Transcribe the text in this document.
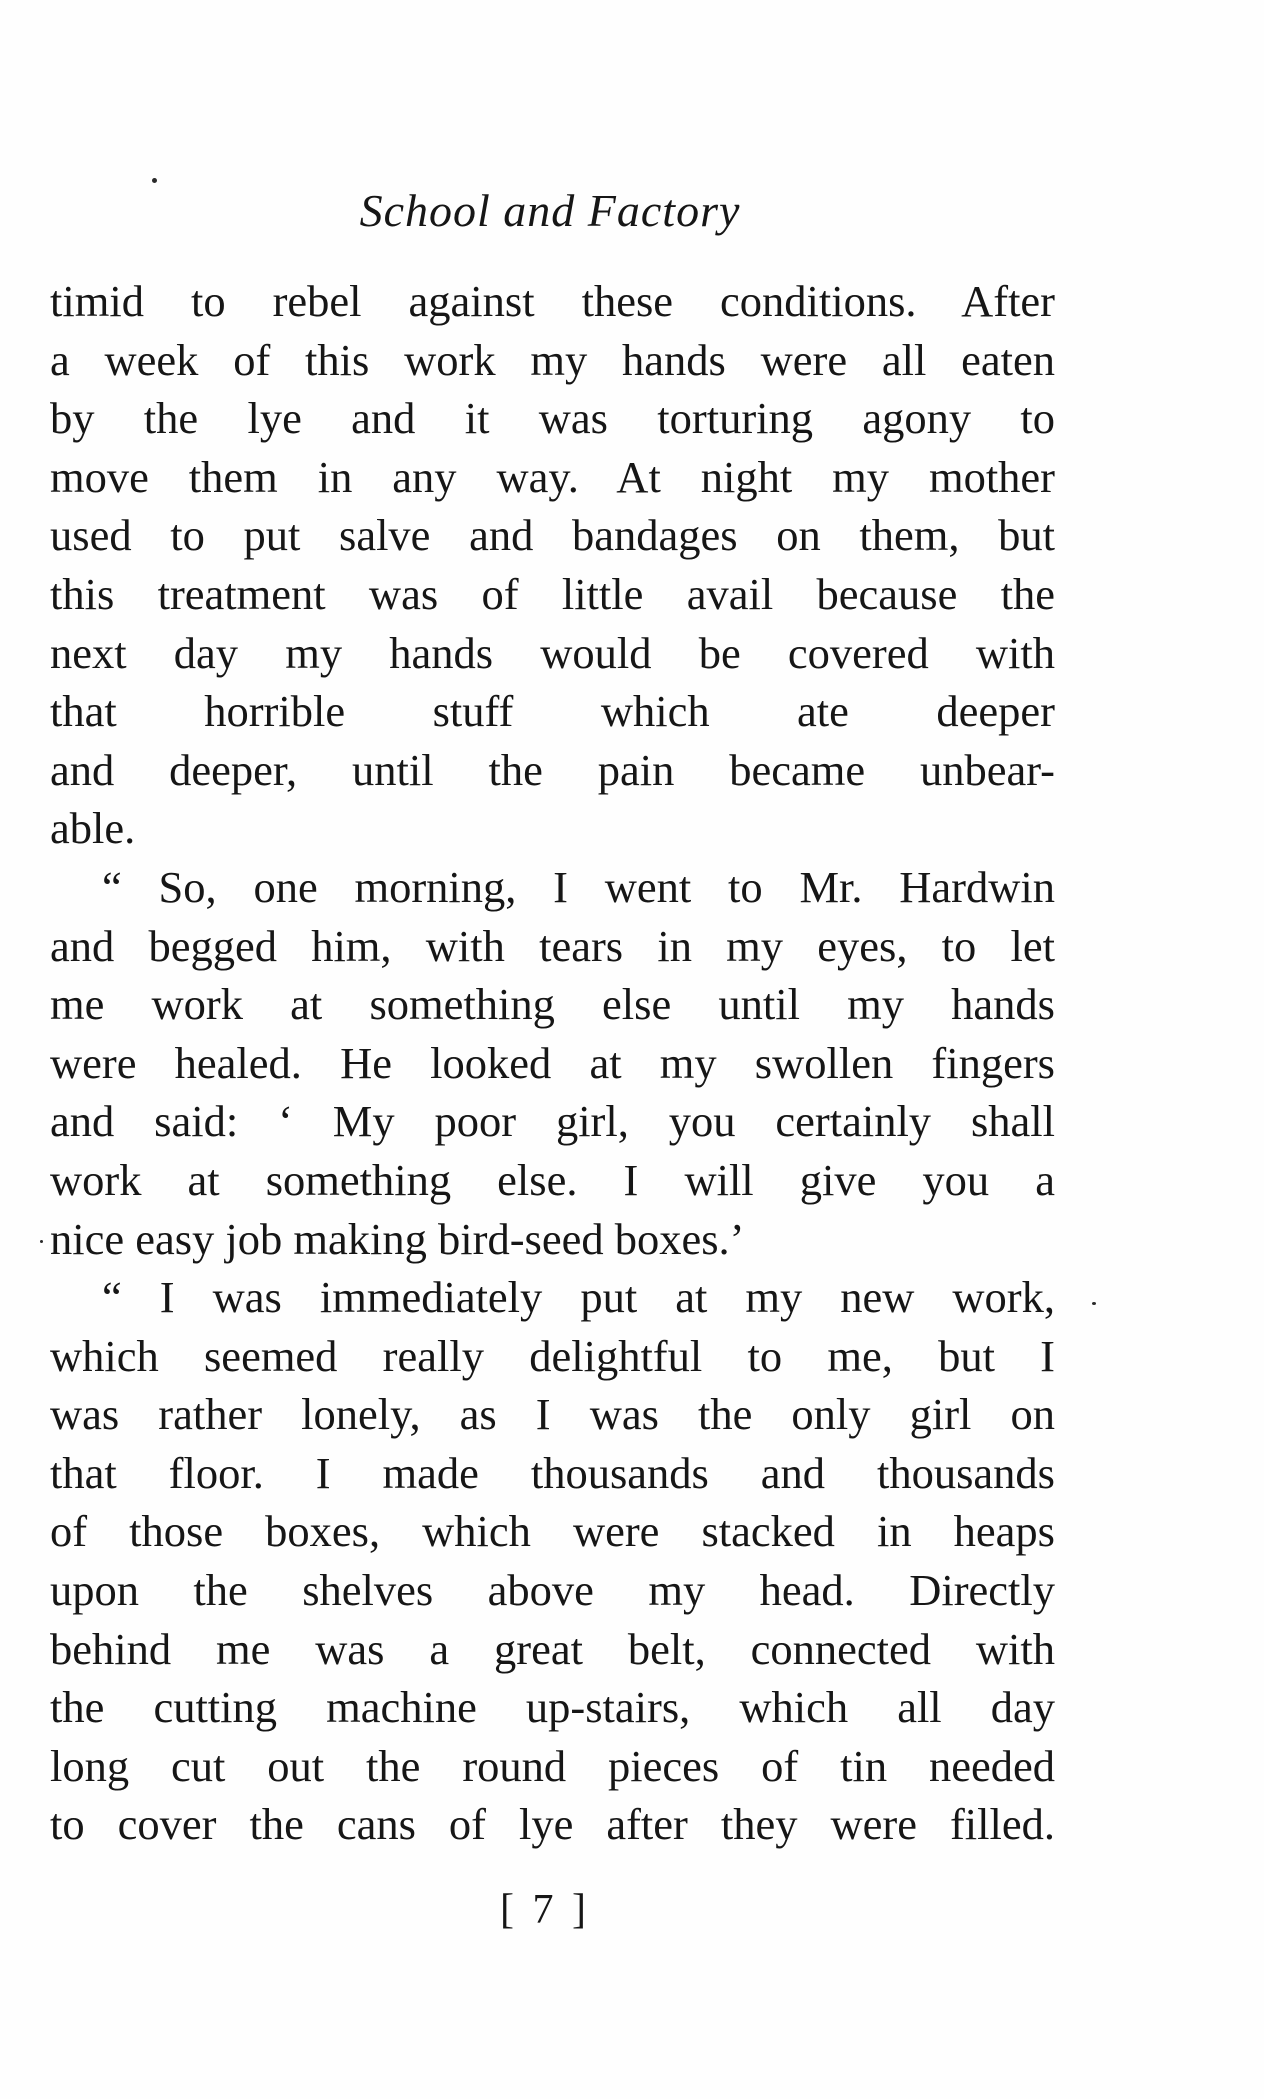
School and Factory
timid to rebel against these conditions. After
a week of this work my hands were all eaten
by the lye and it was torturing agony to
move them in any way. At night my mother
used to put salve and bandages on them, but
this treatment was of little avail because the
next day my hands would be covered with
that horrible stuff which ate deeper
and deeper, until the pain became unbear-
able.
“ So, one morning, I went to Mr. Hardwin
and begged him, with tears in my eyes, to let
me work at something else until my hands
were healed. He looked at my swollen fingers
and said: ‘ My poor girl, you certainly shall
work at something else. I will give you a
nice easy job making bird-seed boxes.’
“ I was immediately put at my new work,
which seemed really delightful to me, but I
was rather lonely, as I was the only girl on
that floor. I made thousands and thousands
of those boxes, which were stacked in heaps
upon the shelves above my head. Directly
behind me was a great belt, connected with
the cutting machine up-stairs, which all day
long cut out the round pieces of tin needed
to cover the cans of lye after they were filled.
[ 7 ]
